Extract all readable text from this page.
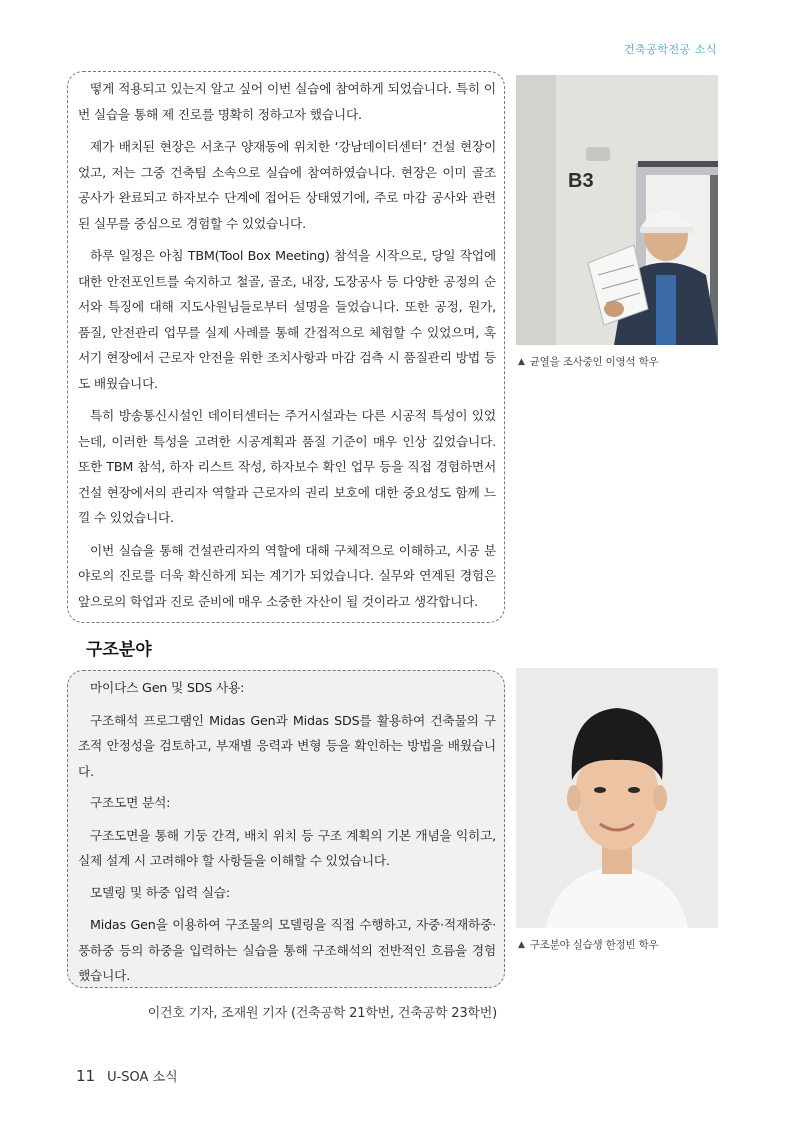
건축공학전공 소식

떻게 적용되고 있는지 알고 싶어 이번 실습에 참여하게 되었습니다. 특히 이번 실습을 통해 제 진로를 명확히 정하고자 했습니다.

제가 배치된 현장은 서초구 양재동에 위치한 ‘강남데이터센터’ 건설 현장이었고, 저는 그중 건축팀 소속으로 실습에 참여하였습니다. 현장은 이미 골조 공사가 완료되고 하자보수 단계에 접어든 상태였기에, 주로 마감 공사와 관련된 실무를 중심으로 경험할 수 있었습니다.

하루 일정은 아침 TBM(Tool Box Meeting) 참석을 시작으로, 당일 작업에 대한 안전포인트를 숙지하고 철골, 골조, 내장, 도장공사 등 다양한 공정의 순서와 특징에 대해 지도사원님들로부터 설명을 들었습니다. 또한 공정, 원가, 품질, 안전관리 업무를 실제 사례를 통해 간접적으로 체험할 수 있었으며, 혹서기 현장에서 근로자 안전을 위한 조치사항과 마감 검측 시 품질관리 방법 등도 배웠습니다.

특히 방송통신시설인 데이터센터는 주거시설과는 다른 시공적 특성이 있었는데, 이러한 특성을 고려한 시공계획과 품질 기준이 매우 인상 깊었습니다. 또한 TBM 참석, 하자 리스트 작성, 하자보수 확인 업무 등을 직접 경험하면서 건설 현장에서의 관리자 역할과 근로자의 권리 보호에 대한 중요성도 함께 느낄 수 있었습니다.

이번 실습을 통해 건설관리자의 역할에 대해 구체적으로 이해하고, 시공 분야로의 진로를 더욱 확신하게 되는 계기가 되었습니다. 실무와 연계된 경험은 앞으로의 학업과 진로 준비에 매우 소중한 자산이 될 것이라고 생각합니다.

B3
▲ 균열을 조사중인 이영석 학우
구조분야

마이다스 Gen 및 SDS 사용:

구조해석 프로그램인 Midas Gen과 Midas SDS를 활용하여 건축물의 구조적 안정성을 검토하고, 부재별 응력과 변형 등을 확인하는 방법을 배웠습니다.

구조도면 분석:

구조도면을 통해 기둥 간격, 배치 위치 등 구조 계획의 기본 개념을 익히고, 실제 설계 시 고려해야 할 사항들을 이해할 수 있었습니다.

모델링 및 하중 입력 실습:

Midas Gen을 이용하여 구조물의 모델링을 직접 수행하고, 자중·적재하중·풍하중 등의 하중을 입력하는 실습을 통해 구조해석의 전반적인 흐름을 경험했습니다.

▲ 구조분야 실습생 한정빈 학우
이건호 기자, 조재원 기자 (건축공학 21학번, 건축공학 23학번)
11 U-SOA 소식
